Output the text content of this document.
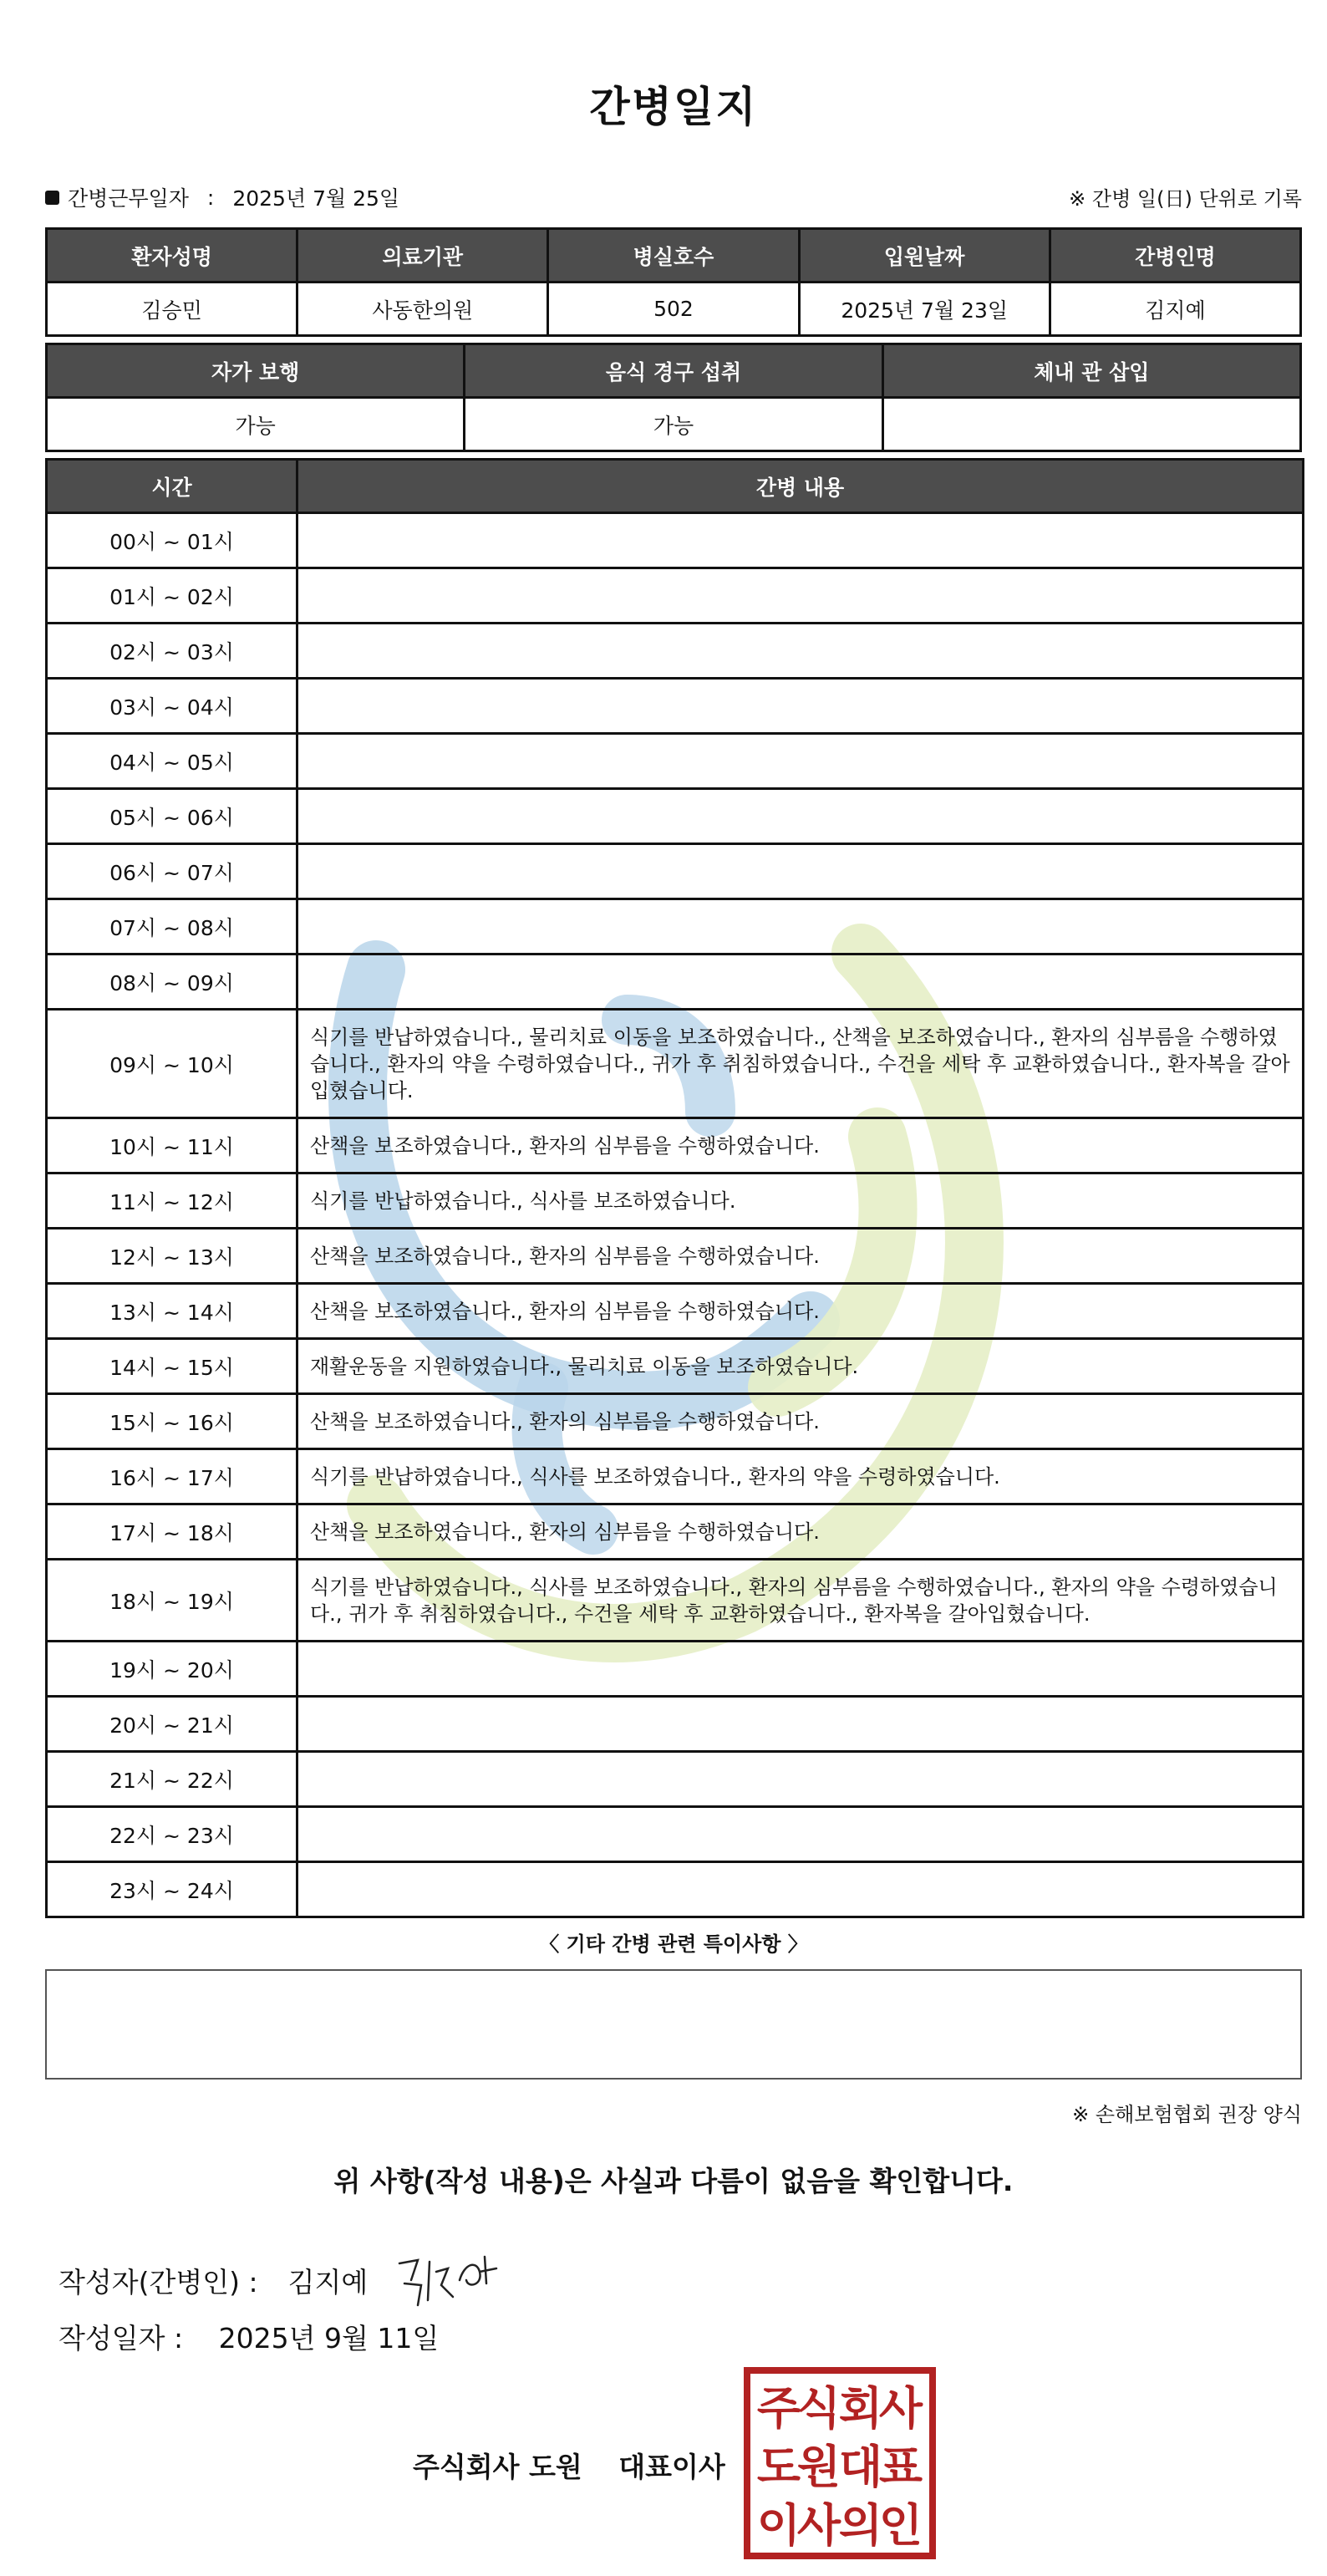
간병일지
간병근무일자 : 2025년 7월 25일	※ 간병 일(日) 단위로 기록
환자성명	의료기관	병실호수	입원날짜	간병인명
김승민	사동한의원	502	2025년 7월 23일	김지예
자가 보행	음식 경구 섭취	체내 관 삽입
가능	가능	
시간	간병 내용
00시 ~ 01시	
01시 ~ 02시	
02시 ~ 03시	
03시 ~ 04시	
04시 ~ 05시	
05시 ~ 06시	
06시 ~ 07시	
07시 ~ 08시	
08시 ~ 09시	
09시 ~ 10시	식기를 반납하였습니다., 물리치료 이동을 보조하였습니다., 산책을 보조하였습니다., 환자의 심부름을 수행하였습니다., 환자의 약을 수령하였습니다., 귀가 후 취침하였습니다., 수건을 세탁 후 교환하였습니다., 환자복을 갈아입혔습니다.
10시 ~ 11시	산책을 보조하였습니다., 환자의 심부름을 수행하였습니다.
11시 ~ 12시	식기를 반납하였습니다., 식사를 보조하였습니다.
12시 ~ 13시	산책을 보조하였습니다., 환자의 심부름을 수행하였습니다.
13시 ~ 14시	산책을 보조하였습니다., 환자의 심부름을 수행하였습니다.
14시 ~ 15시	재활운동을 지원하였습니다., 물리치료 이동을 보조하였습니다.
15시 ~ 16시	산책을 보조하였습니다., 환자의 심부름을 수행하였습니다.
16시 ~ 17시	식기를 반납하였습니다., 식사를 보조하였습니다., 환자의 약을 수령하였습니다.
17시 ~ 18시	산책을 보조하였습니다., 환자의 심부름을 수행하였습니다.
18시 ~ 19시	식기를 반납하였습니다., 식사를 보조하였습니다., 환자의 심부름을 수행하였습니다., 환자의 약을 수령하였습니다., 귀가 후 취침하였습니다., 수건을 세탁 후 교환하였습니다., 환자복을 갈아입혔습니다.
19시 ~ 20시	
20시 ~ 21시	
21시 ~ 22시	
22시 ~ 23시	
23시 ~ 24시	
〈 기타 간병 관련 특이사항 〉
※ 손해보험협회 권장 양식
위 사항(작성 내용)은 사실과 다름이 없음을 확인합니다.
작성자(간병인) : 김지예
작성일자 : 2025년 9월 11일
주식회사 도원 대표이사
주
식
회
사
도
원
대
표
이
사
의
인
